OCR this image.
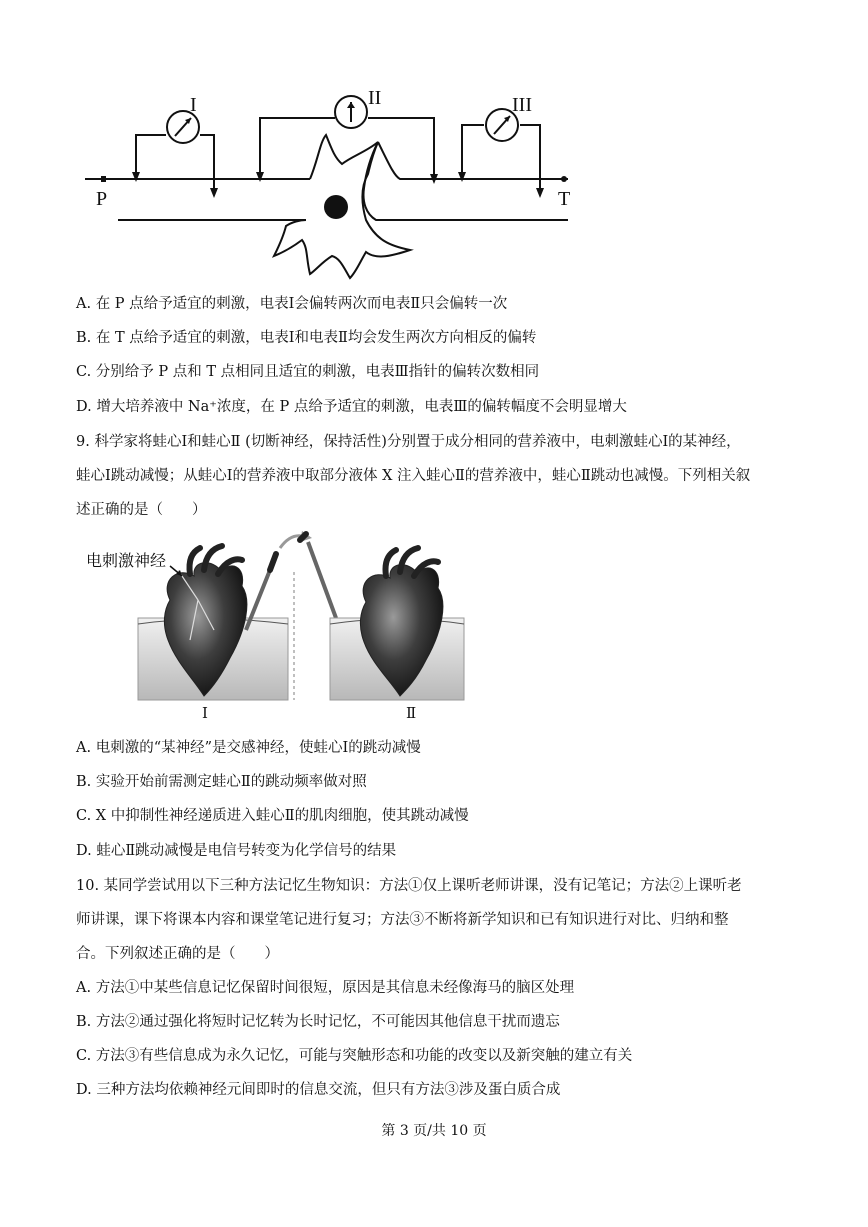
I	II	III
P	T
A. 在 P 点给予适宜的刺激，电表Ⅰ会偏转两次而电表Ⅱ只会偏转一次
B. 在 T 点给予适宜的刺激，电表Ⅰ和电表Ⅱ均会发生两次方向相反的偏转
C. 分别给予 P 点和 T 点相同且适宜的刺激，电表Ⅲ指针的偏转次数相同
D. 增大培养液中 Na⁺浓度，在 P 点给予适宜的刺激，电表Ⅲ的偏转幅度不会明显增大
9. 科学家将蛙心Ⅰ和蛙心Ⅱ (切断神经，保持活性)分别置于成分相同的营养液中，电刺激蛙心Ⅰ的某神经，
蛙心Ⅰ跳动减慢；从蛙心Ⅰ的营养液中取部分液体 X 注入蛙心Ⅱ的营养液中，蛙心Ⅱ跳动也减慢。下列相关叙
述正确的是（　　）
电刺激神经
Ⅰ	Ⅱ
A. 电刺激的“某神经”是交感神经，使蛙心Ⅰ的跳动减慢
B. 实验开始前需测定蛙心Ⅱ的跳动频率做对照
C. X 中抑制性神经递质进入蛙心Ⅱ的肌肉细胞，使其跳动减慢
D. 蛙心Ⅱ跳动减慢是电信号转变为化学信号的结果
10. 某同学尝试用以下三种方法记忆生物知识：方法①仅上课听老师讲课，没有记笔记；方法②上课听老
师讲课，课下将课本内容和课堂笔记进行复习；方法③不断将新学知识和已有知识进行对比、归纳和整
合。下列叙述正确的是（　　）
A. 方法①中某些信息记忆保留时间很短，原因是其信息未经像海马的脑区处理
B. 方法②通过强化将短时记忆转为长时记忆，不可能因其他信息干扰而遗忘
C. 方法③有些信息成为永久记忆，可能与突触形态和功能的改变以及新突触的建立有关
D. 三种方法均依赖神经元间即时的信息交流，但只有方法③涉及蛋白质合成
第 3 页/共 10 页
